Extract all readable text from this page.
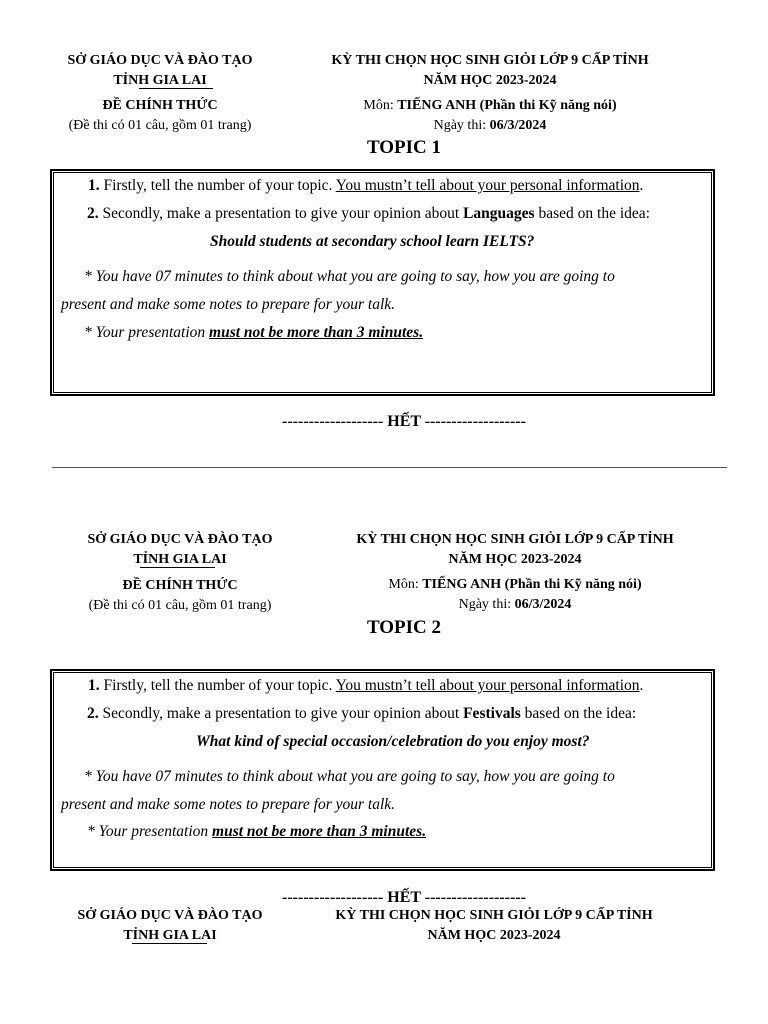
SỞ GIÁO DỤC VÀ ĐÀO TẠO
TỈNH GIA LAI
ĐỀ CHÍNH THỨC
(Đề thi có 01 câu, gồm 01 trang)
KỲ THI CHỌN HỌC SINH GIỎI LỚP 9 CẤP TỈNH
NĂM HỌC 2023-2024
Môn: TIẾNG ANH (Phần thi Kỹ năng nói)
Ngày thi: 06/3/2024
TOPIC 1
1. Firstly, tell the number of your topic. You mustn’t tell about your personal information.
2. Secondly, make a presentation to give your opinion about Languages based on the idea:
Should students at secondary school learn IELTS?
* You have 07 minutes to think about what you are going to say, how you are going to
present and make some notes to prepare for your talk.
* Your presentation must not be more than 3 minutes.
------------------- HẾT -------------------
SỞ GIÁO DỤC VÀ ĐÀO TẠO
TỈNH GIA LAI
ĐỀ CHÍNH THỨC
(Đề thi có 01 câu, gồm 01 trang)
KỲ THI CHỌN HỌC SINH GIỎI LỚP 9 CẤP TỈNH
NĂM HỌC 2023-2024
Môn: TIẾNG ANH (Phần thi Kỹ năng nói)
Ngày thi: 06/3/2024
TOPIC 2
1. Firstly, tell the number of your topic. You mustn’t tell about your personal information.
2. Secondly, make a presentation to give your opinion about Festivals based on the idea:
What kind of special occasion/celebration do you enjoy most?
* You have 07 minutes to think about what you are going to say, how you are going to
present and make some notes to prepare for your talk.
* Your presentation must not be more than 3 minutes.
------------------- HẾT -------------------
SỞ GIÁO DỤC VÀ ĐÀO TẠO
TỈNH GIA LAI
KỲ THI CHỌN HỌC SINH GIỎI LỚP 9 CẤP TỈNH
NĂM HỌC 2023-2024
